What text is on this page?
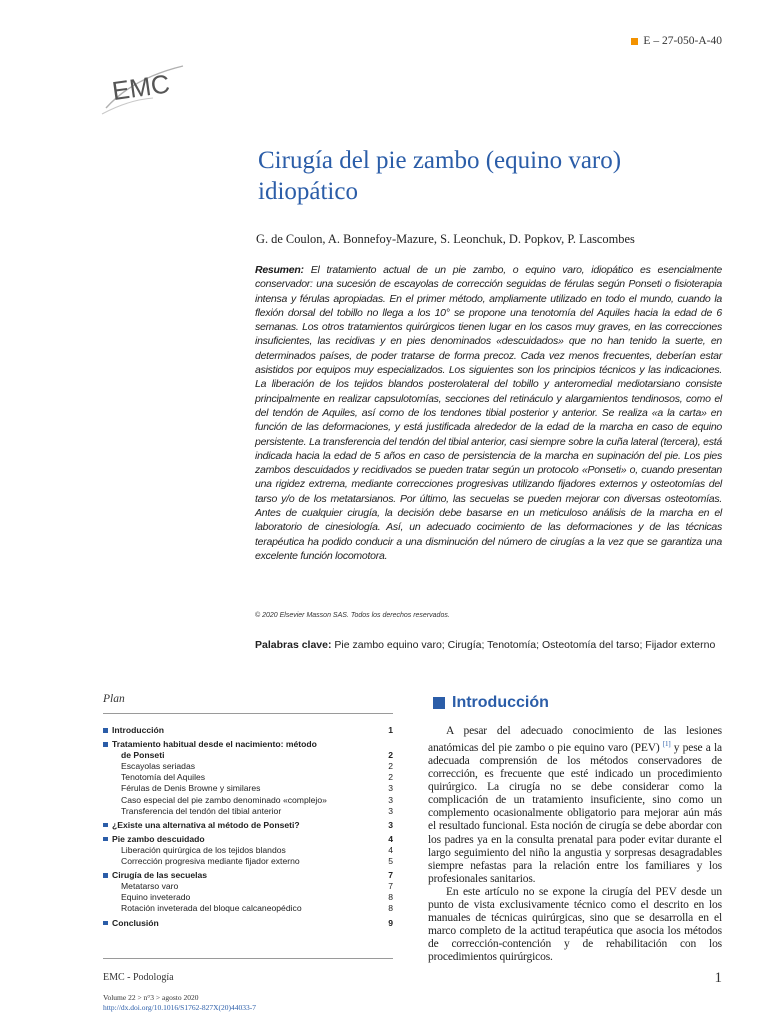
E – 27-050-A-40
EMC
Cirugía del pie zambo (equino varo) idiopático
G. de Coulon, A. Bonnefoy-Mazure, S. Leonchuk, D. Popkov, P. Lascombes
Resumen: El tratamiento actual de un pie zambo, o equino varo, idiopático es esencialmente conservador: una sucesión de escayolas de corrección seguidas de férulas según Ponseti o fisioterapia intensa y férulas apropiadas. En el primer método, ampliamente utilizado en todo el mundo, cuando la flexión dorsal del tobillo no llega a los 10° se propone una tenotomía del Aquiles hacia la edad de 6 semanas. Los otros tratamientos quirúrgicos tienen lugar en los casos muy graves, en las correcciones insuficientes, las recidivas y en pies denominados «descuidados» que no han tenido la suerte, en determinados países, de poder tratarse de forma precoz. Cada vez menos frecuentes, deberían estar asistidos por equipos muy especializados. Los siguientes son los principios técnicos y las indicaciones. La liberación de los tejidos blandos posterolateral del tobillo y anteromedial mediotarsiano consiste principalmente en realizar capsulotomías, secciones del retináculo y alargamientos tendinosos, como el del tendón de Aquiles, así como de los tendones tibial posterior y anterior. Se realiza «a la carta» en función de las deformaciones, y está justificada alrededor de la edad de la marcha en caso de equino persistente. La transferencia del tendón del tibial anterior, casi siempre sobre la cuña lateral (tercera), está indicada hacia la edad de 5 años en caso de persistencia de la marcha en supinación del pie. Los pies zambos descuidados y recidivados se pueden tratar según un protocolo «Ponseti» o, cuando presentan una rigidez extrema, mediante correcciones progresivas utilizando fijadores externos y osteotomías del tarso y/o de los metatarsianos. Por último, las secuelas se pueden mejorar con diversas osteotomías. Antes de cualquier cirugía, la decisión debe basarse en un meticuloso análisis de la marcha en el laboratorio de cinesiología. Así, un adecuado cocimiento de las deformaciones y de las técnicas terapéutica ha podido conducir a una disminución del número de cirugías a la vez que se garantiza una excelente función locomotora.
© 2020 Elsevier Masson SAS. Todos los derechos reservados.
Palabras clave: Pie zambo equino varo; Cirugía; Tenotomía; Osteotomía del tarso; Fijador externo
Plan
Introducción	1
Tratamiento habitual desde el nacimiento: método
de Ponseti	2
Escayolas seriadas	2
Tenotomía del Aquiles	2
Férulas de Denis Browne y similares	3
Caso especial del pie zambo denominado «complejo»	3
Transferencia del tendón del tibial anterior	3
¿Existe una alternativa al método de Ponseti?	3
Pie zambo descuidado	4
Liberación quirúrgica de los tejidos blandos	4
Corrección progresiva mediante fijador externo	5
Cirugía de las secuelas	7
Metatarso varo	7
Equino inveterado	8
Rotación inveterada del bloque calcaneopédico	8
Conclusión	9
Introducción

A pesar del adecuado conocimiento de las lesiones anatómicas del pie zambo o pie equino varo (PEV) [1] y pese a la adecuada comprensión de los métodos conservadores de corrección, es frecuente que esté indicado un procedimiento quirúrgico. La cirugía no se debe considerar como la complicación de un tratamiento insuficiente, sino como un complemento ocasionalmente obligatorio para mejorar aún más el resultado funcional. Esta noción de cirugía se debe abordar con los padres ya en la consulta prenatal para poder evitar durante el largo seguimiento del niño la angustia y sorpresas desagradables siempre nefastas para la relación entre los familiares y los profesionales sanitarios.

En este artículo no se expone la cirugía del PEV desde un punto de vista exclusivamente técnico como el descrito en los manuales de técnicas quirúrgicas, sino que se desarrolla en el marco completo de la actitud terapéutica que asocia los métodos de corrección-contención y de rehabilitación con los procedimientos quirúrgicos.

EMC - Podología	1
Volume 22 > n°3 > agosto 2020
http://dx.doi.org/10.1016/S1762-827X(20)44033-7
